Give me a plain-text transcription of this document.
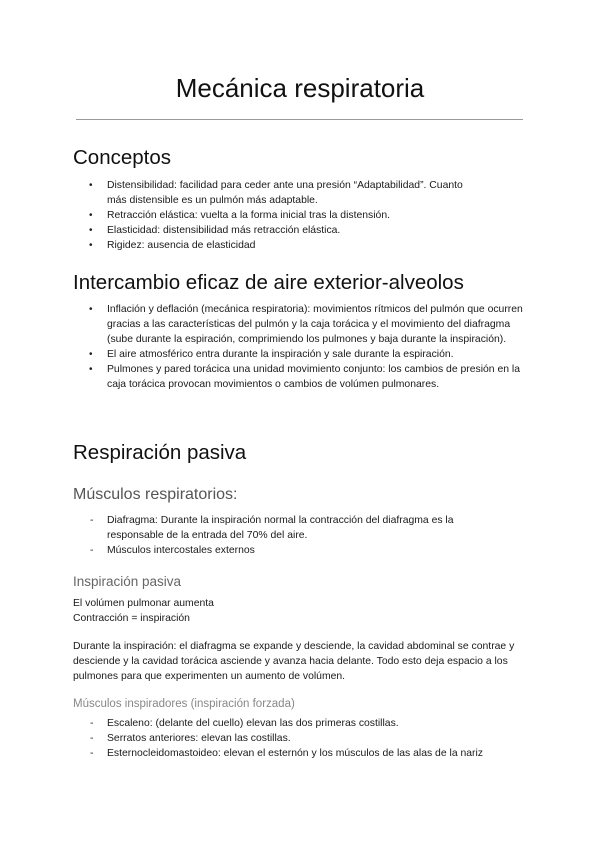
Mecánica respiratoria
Conceptos
• Distensibilidad: facilidad para ceder ante una presión “Adaptabilidad”. Cuanto más distensible es un pulmón más adaptable.
• Retracción elástica: vuelta a la forma inicial tras la distensión.
• Elasticidad: distensibilidad más retracción elástica.
• Rigidez: ausencia de elasticidad
Intercambio eficaz de aire exterior-alveolos
• Inflación y deflación (mecánica respiratoria): movimientos rítmicos del pulmón que ocurren gracias a las características del pulmón y la caja torácica y el movimiento del diafragma (sube durante la espiración, comprimiendo los pulmones y baja durante la inspiración).
• El aire atmosférico entra durante la inspiración y sale durante la espiración.
• Pulmones y pared torácica una unidad movimiento conjunto: los cambios de presión en la caja torácica provocan movimientos o cambios de volúmen pulmonares.
Respiración pasiva
Músculos respiratorios:
- Diafragma: Durante la inspiración normal la contracción del diafragma es la responsable de la entrada del 70% del aire.
- Músculos intercostales externos
Inspiración pasiva

El volúmen pulmonar aumenta

Contracción = inspiración

Durante la inspiración: el diafragma se expande y desciende, la cavidad abdominal se contrae y desciende y la cavidad torácica asciende y avanza hacia delante. Todo esto deja espacio a los pulmones para que experimenten un aumento de volúmen.

Músculos inspiradores (inspiración forzada)
- Escaleno: (delante del cuello) elevan las dos primeras costillas.
- Serratos anteriores: elevan las costillas.
- Esternocleidomastoideo: elevan el esternón y los músculos de las alas de la nariz
